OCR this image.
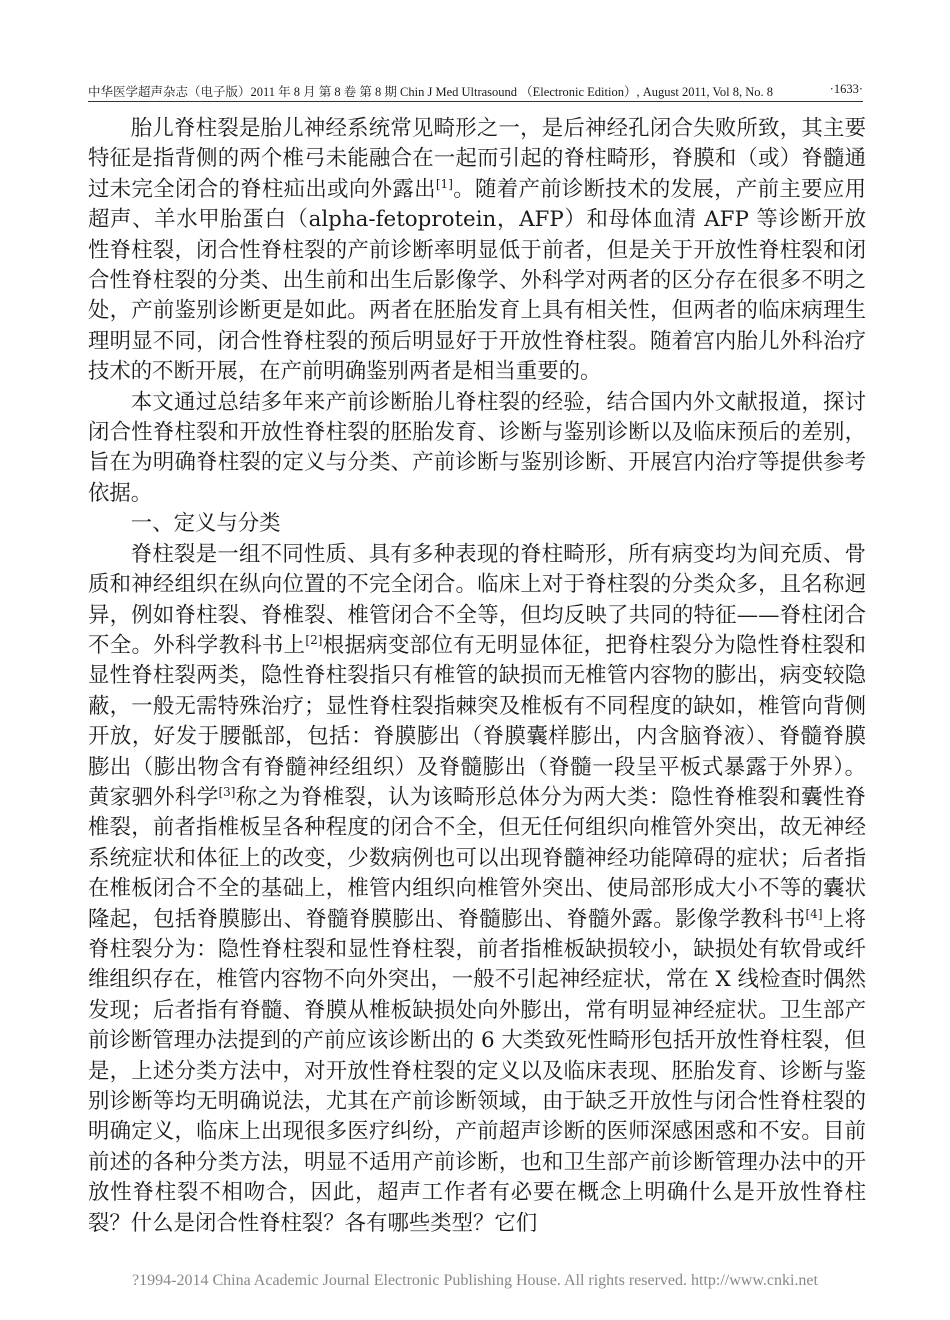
中华医学超声杂志（电子版）2011 年 8 月 第 8 卷 第 8 期 Chin J Med Ultrasound （Electronic Edition）, August 2011, Vol 8, No. 8	·1633·

胎儿脊柱裂是胎儿神经系统常见畸形之一，是后神经孔闭合失败所致，其主要特征是指背侧的两个椎弓未能融合在一起而引起的脊柱畸形，脊膜和（或）脊髓通过未完全闭合的脊柱疝出或向外露出[1]。随着产前诊断技术的发展，产前主要应用超声、羊水甲胎蛋白（alpha-fetoprotein，AFP）和母体血清 AFP 等诊断开放性脊柱裂，闭合性脊柱裂的产前诊断率明显低于前者，但是关于开放性脊柱裂和闭合性脊柱裂的分类、出生前和出生后影像学、外科学对两者的区分存在很多不明之处，产前鉴别诊断更是如此。两者在胚胎发育上具有相关性，但两者的临床病理生理明显不同，闭合性脊柱裂的预后明显好于开放性脊柱裂。随着宫内胎儿外科治疗技术的不断开展，在产前明确鉴别两者是相当重要的。

本文通过总结多年来产前诊断胎儿脊柱裂的经验，结合国内外文献报道，探讨闭合性脊柱裂和开放性脊柱裂的胚胎发育、诊断与鉴别诊断以及临床预后的差别，旨在为明确脊柱裂的定义与分类、产前诊断与鉴别诊断、开展宫内治疗等提供参考依据。

一、定义与分类

脊柱裂是一组不同性质、具有多种表现的脊柱畸形，所有病变均为间充质、骨质和神经组织在纵向位置的不完全闭合。临床上对于脊柱裂的分类众多，且名称迥异，例如脊柱裂、脊椎裂、椎管闭合不全等，但均反映了共同的特征——脊柱闭合不全。外科学教科书上[2]根据病变部位有无明显体征，把脊柱裂分为隐性脊柱裂和显性脊柱裂两类，隐性脊柱裂指只有椎管的缺损而无椎管内容物的膨出，病变较隐蔽，一般无需特殊治疗；显性脊柱裂指棘突及椎板有不同程度的缺如，椎管向背侧开放，好发于腰骶部，包括：脊膜膨出（脊膜囊样膨出，内含脑脊液）、脊髓脊膜膨出（膨出物含有脊髓神经组织）及脊髓膨出（脊髓一段呈平板式暴露于外界）。黄家驷外科学[3]称之为脊椎裂，认为该畸形总体分为两大类：隐性脊椎裂和囊性脊椎裂，前者指椎板呈各种程度的闭合不全，但无任何组织向椎管外突出，故无神经系统症状和体征上的改变，少数病例也可以出现脊髓神经功能障碍的症状；后者指在椎板闭合不全的基础上，椎管内组织向椎管外突出、使局部形成大小不等的囊状隆起，包括脊膜膨出、脊髓脊膜膨出、脊髓膨出、脊髓外露。影像学教科书[4]上将脊柱裂分为：隐性脊柱裂和显性脊柱裂，前者指椎板缺损较小，缺损处有软骨或纤维组织存在，椎管内容物不向外突出，一般不引起神经症状，常在 X 线检查时偶然发现；后者指有脊髓、脊膜从椎板缺损处向外膨出，常有明显神经症状。卫生部产前诊断管理办法提到的产前应该诊断出的 6 大类致死性畸形包括开放性脊柱裂，但是，上述分类方法中，对开放性脊柱裂的定义以及临床表现、胚胎发育、诊断与鉴别诊断等均无明确说法，尤其在产前诊断领域，由于缺乏开放性与闭合性脊柱裂的明确定义，临床上出现很多医疗纠纷，产前超声诊断的医师深感困惑和不安。目前前述的各种分类方法，明显不适用产前诊断，也和卫生部产前诊断管理办法中的开放性脊柱裂不相吻合，因此，超声工作者有必要在概念上明确什么是开放性脊柱裂？什么是闭合性脊柱裂？各有哪些类型？它们

?1994-2014 China Academic Journal Electronic Publishing House. All rights reserved. http://www.cnki.net
